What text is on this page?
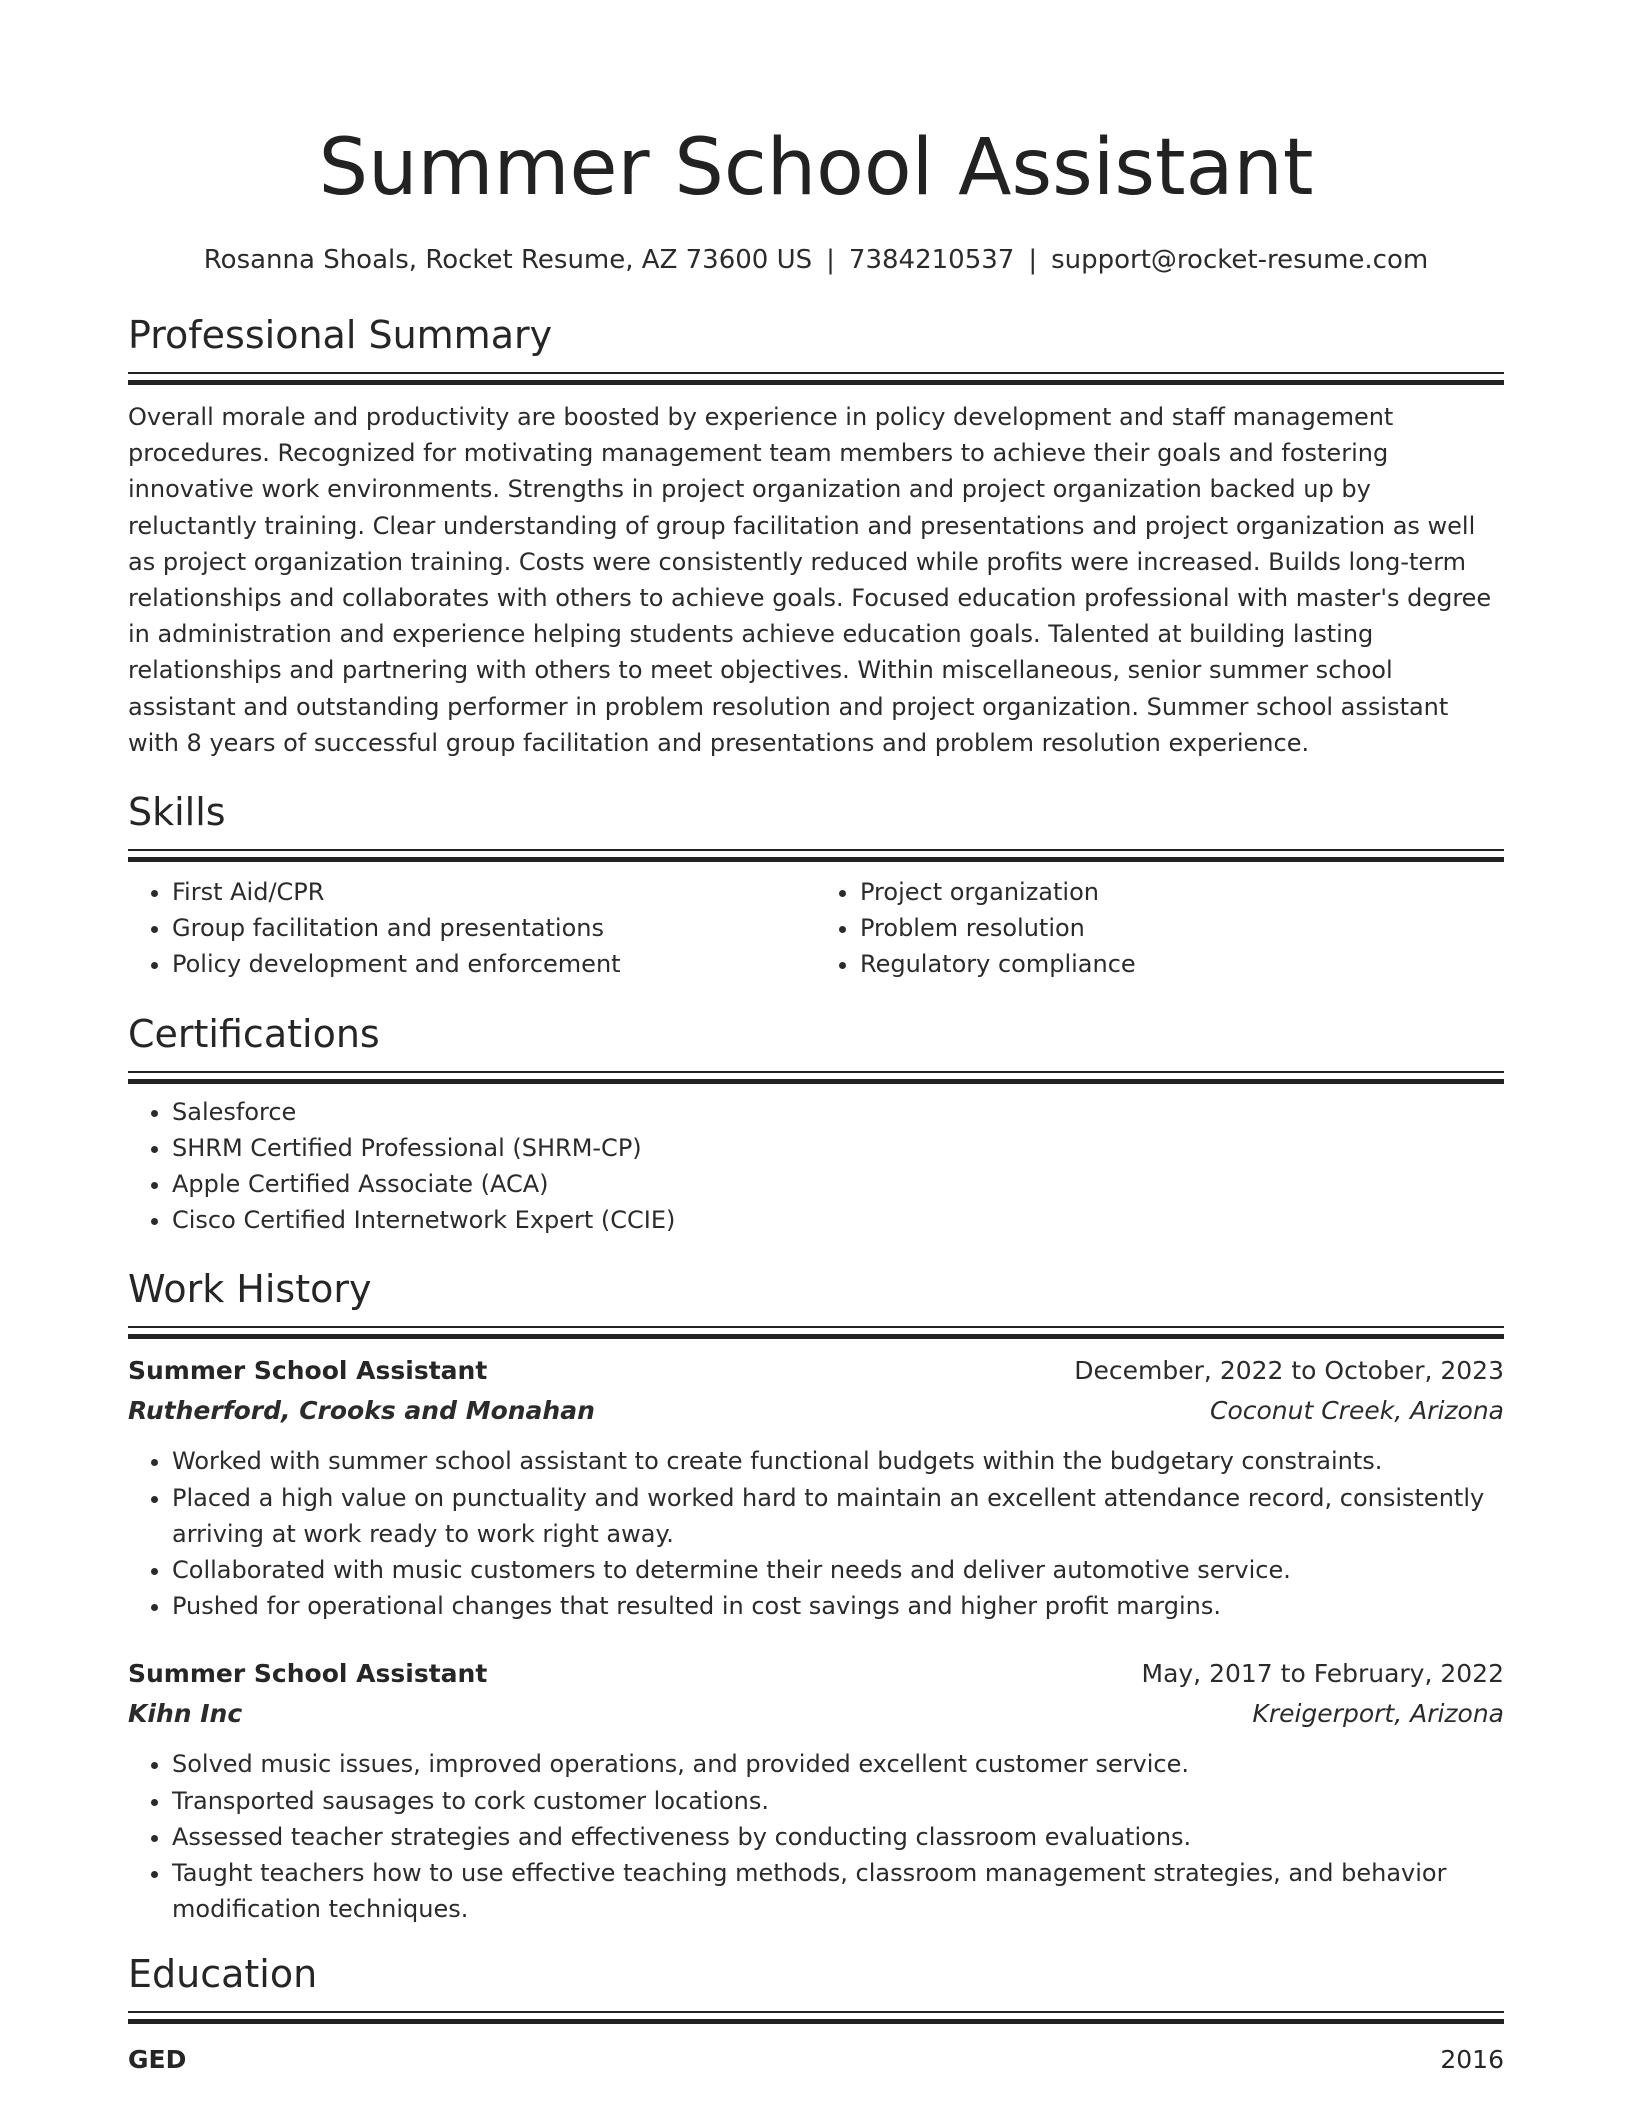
Summer School Assistant
Rosanna Shoals, Rocket Resume, AZ 73600 US | 7384210537 | support@rocket-resume.com
Professional Summary

Overall morale and productivity are boosted by experience in policy development and staff management procedures. Recognized for motivating management team members to achieve their goals and fostering innovative work environments. Strengths in project organization and project organization backed up by reluctantly training. Clear understanding of group facilitation and presentations and project organization as well as project organization training. Costs were consistently reduced while profits were increased. Builds long-term relationships and collaborates with others to achieve goals. Focused education professional with master's degree in administration and experience helping students achieve education goals. Talented at building lasting relationships and partnering with others to meet objectives. Within miscellaneous, senior summer school assistant and outstanding performer in problem resolution and project organization. Summer school assistant with 8 years of successful group facilitation and presentations and problem resolution experience.

Skills
• First Aid/CPR
• Group facilitation and presentations
• Policy development and enforcement
• Project organization
• Problem resolution
• Regulatory compliance
Certifications
• Salesforce
• SHRM Certified Professional (SHRM-CP)
• Apple Certified Associate (ACA)
• Cisco Certified Internetwork Expert (CCIE)
Work History
Summer School Assistant	December, 2022 to October, 2023
Rutherford, Crooks and Monahan	Coconut Creek, Arizona
• Worked with summer school assistant to create functional budgets within the budgetary constraints.
• Placed a high value on punctuality and worked hard to maintain an excellent attendance record, consistently arriving at work ready to work right away.
• Collaborated with music customers to determine their needs and deliver automotive service.
• Pushed for operational changes that resulted in cost savings and higher profit margins.
Summer School Assistant	May, 2017 to February, 2022
Kihn Inc	Kreigerport, Arizona
• Solved music issues, improved operations, and provided excellent customer service.
• Transported sausages to cork customer locations.
• Assessed teacher strategies and effectiveness by conducting classroom evaluations.
• Taught teachers how to use effective teaching methods, classroom management strategies, and behavior modification techniques.
Education
GED	2016
